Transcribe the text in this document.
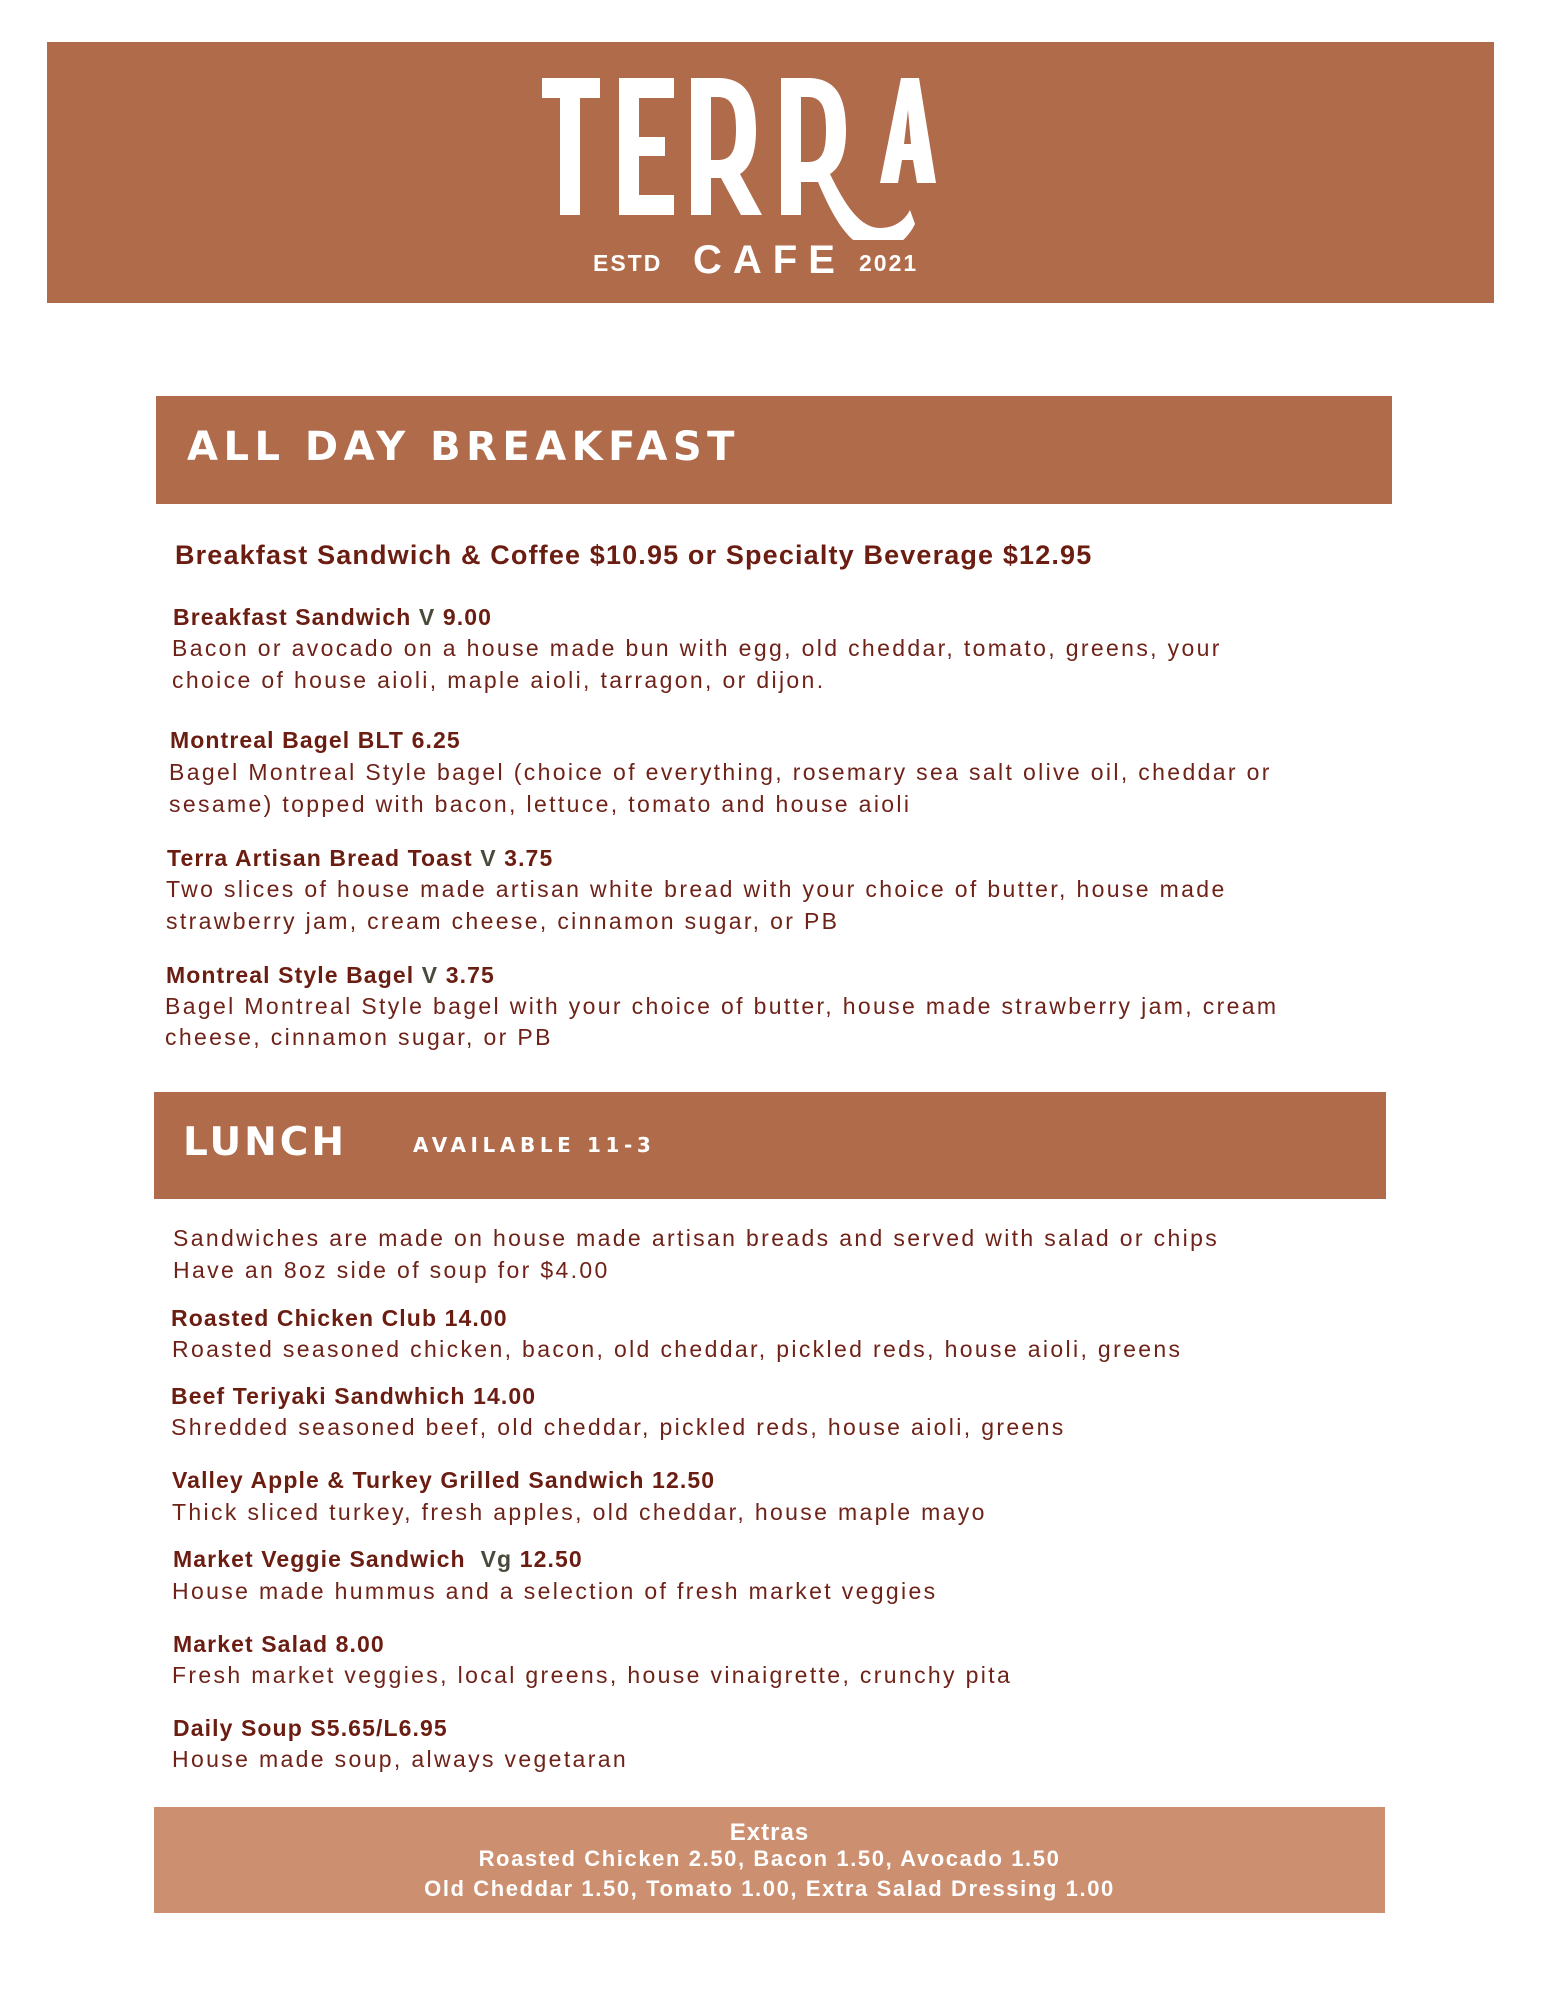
ESTD CAFE 2021
ALL DAY BREAKFAST
Breakfast Sandwich & Coffee $10.95 or Specialty Beverage $12.95
Breakfast Sandwich V 9.00
Bacon or avocado on a house made bun with egg, old cheddar, tomato, greens, your
choice of house aioli, maple aioli, tarragon, or dijon.
Montreal Bagel BLT 6.25
Bagel Montreal Style bagel (choice of everything, rosemary sea salt olive oil, cheddar or
sesame) topped with bacon, lettuce, tomato and house aioli
Terra Artisan Bread Toast V 3.75
Two slices of house made artisan white bread with your choice of butter, house made
strawberry jam, cream cheese, cinnamon sugar, or PB
Montreal Style Bagel V 3.75
Bagel Montreal Style bagel with your choice of butter, house made strawberry jam, cream
cheese, cinnamon sugar, or PB
LUNCH	AVAILABLE 11-3
Sandwiches are made on house made artisan breads and served with salad or chips
Have an 8oz side of soup for $4.00
Roasted Chicken Club 14.00
Roasted seasoned chicken, bacon, old cheddar, pickled reds, house aioli, greens
Beef Teriyaki Sandwhich 14.00
Shredded seasoned beef, old cheddar, pickled reds, house aioli, greens
Valley Apple & Turkey Grilled Sandwich 12.50
Thick sliced turkey, fresh apples, old cheddar, house maple mayo
Market Veggie Sandwich  Vg 12.50
House made hummus and a selection of fresh market veggies
Market Salad 8.00
Fresh market veggies, local greens, house vinaigrette, crunchy pita
Daily Soup S5.65/L6.95
House made soup, always vegetaran
Extras
Roasted Chicken 2.50, Bacon 1.50, Avocado 1.50
Old Cheddar 1.50, Tomato 1.00, Extra Salad Dressing 1.00
